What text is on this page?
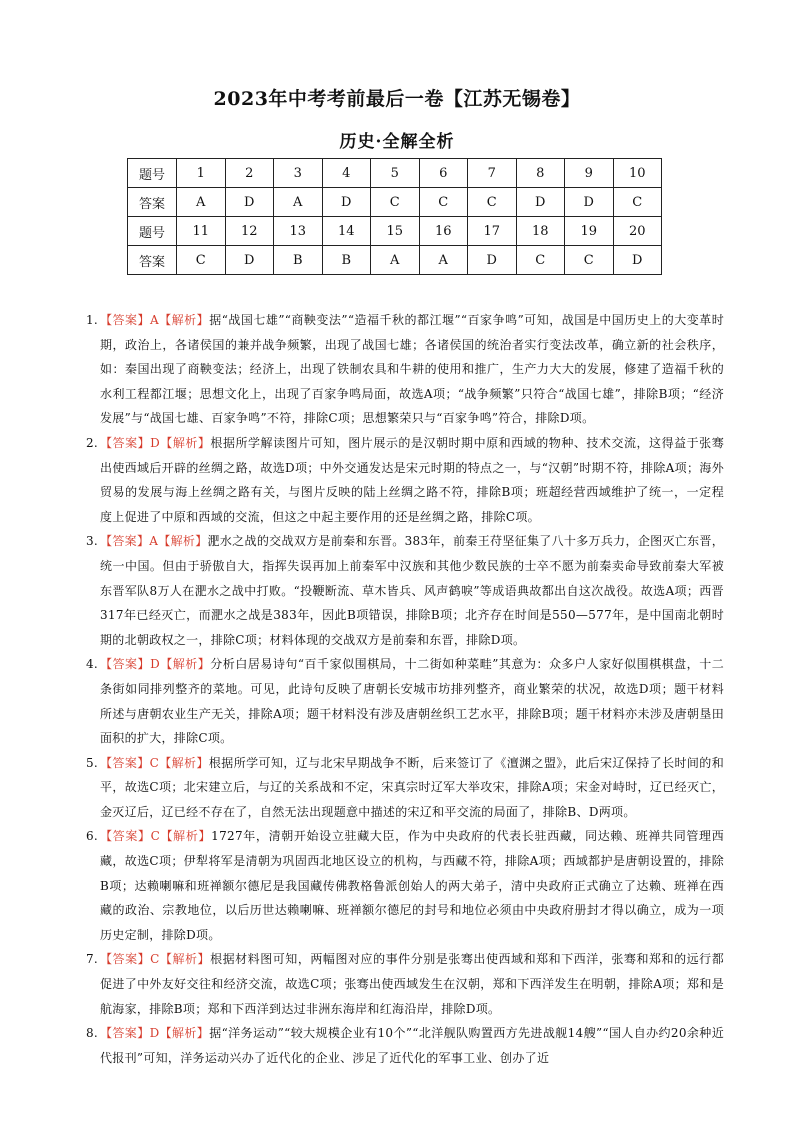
2023年中考考前最后一卷【江苏无锡卷】
历史·全解全析
题号	1	2	3	4	5	6	7	8	9	10
答案	A	D	A	D	C	C	C	D	D	C
题号	11	12	13	14	15	16	17	18	19	20
答案	C	D	B	B	A	A	D	C	C	D

1. 【答案】A【解析】据“战国七雄”“商鞅变法”“造福千秋的都江堰”“百家争鸣”可知，战国是中国历史上的大变革时期，政治上，各诸侯国的兼并战争频繁，出现了战国七雄；各诸侯国的统治者实行变法改革，确立新的社会秩序，如：秦国出现了商鞅变法；经济上，出现了铁制农具和牛耕的使用和推广，生产力大大的发展，修建了造福千秋的水利工程都江堰；思想文化上，出现了百家争鸣局面，故选A项；“战争频繁”只符合“战国七雄”，排除B项；“经济发展”与“战国七雄、百家争鸣”不符，排除C项；思想繁荣只与“百家争鸣”符合，排除D项。

2. 【答案】D【解析】根据所学解读图片可知，图片展示的是汉朝时期中原和西域的物种、技术交流，这得益于张骞出使西域后开辟的丝绸之路，故选D项；中外交通发达是宋元时期的特点之一，与“汉朝”时期不符，排除A项；海外贸易的发展与海上丝绸之路有关，与图片反映的陆上丝绸之路不符，排除B项；班超经营西域维护了统一，一定程度上促进了中原和西域的交流，但这之中起主要作用的还是丝绸之路，排除C项。

3. 【答案】A【解析】淝水之战的交战双方是前秦和东晋。383年，前秦王苻坚征集了八十多万兵力，企图灭亡东晋，统一中国。但由于骄傲自大，指挥失误再加上前秦军中汉族和其他少数民族的士卒不愿为前秦卖命导致前秦大军被东晋军队8万人在淝水之战中打败。“投鞭断流、草木皆兵、风声鹤唳”等成语典故都出自这次战役。故选A项；西晋317年已经灭亡，而淝水之战是383年，因此B项错误，排除B项；北齐存在时间是550—577年，是中国南北朝时期的北朝政权之一，排除C项；材料体现的交战双方是前秦和东晋，排除D项。

4. 【答案】D【解析】分析白居易诗句“百千家似围棋局，十二街如种菜畦”其意为：众多户人家好似围棋棋盘，十二条街如同排列整齐的菜地。可见，此诗句反映了唐朝长安城市坊排列整齐，商业繁荣的状况，故选D项；题干材料所述与唐朝农业生产无关，排除A项；题干材料没有涉及唐朝丝织工艺水平，排除B项；题干材料亦未涉及唐朝垦田面积的扩大，排除C项。

5. 【答案】C【解析】根据所学可知，辽与北宋早期战争不断，后来签订了《澶渊之盟》，此后宋辽保持了长时间的和平，故选C项；北宋建立后，与辽的关系战和不定，宋真宗时辽军大举攻宋，排除A项；宋金对峙时，辽已经灭亡，金灭辽后，辽已经不存在了，自然无法出现题意中描述的宋辽和平交流的局面了，排除B、D两项。

6. 【答案】C【解析】1727年，清朝开始设立驻藏大臣，作为中央政府的代表长驻西藏，同达赖、班禅共同管理西藏，故选C项；伊犁将军是清朝为巩固西北地区设立的机构，与西藏不符，排除A项；西域都护是唐朝设置的，排除B项；达赖喇嘛和班禅额尔德尼是我国藏传佛教格鲁派创始人的两大弟子，清中央政府正式确立了达赖、班禅在西藏的政治、宗教地位，以后历世达赖喇嘛、班禅额尔德尼的封号和地位必须由中央政府册封才得以确立，成为一项历史定制，排除D项。

7. 【答案】C【解析】根据材料图可知，两幅图对应的事件分别是张骞出使西域和郑和下西洋，张骞和郑和的远行都促进了中外友好交往和经济交流，故选C项；张骞出使西域发生在汉朝，郑和下西洋发生在明朝，排除A项；郑和是航海家，排除B项；郑和下西洋到达过非洲东海岸和红海沿岸，排除D项。

8. 【答案】D【解析】据“洋务运动”“较大规模企业有10个”“北洋舰队购置西方先进战舰14艘”“国人自办约20余种近代报刊”可知，洋务运动兴办了近代化的企业、涉足了近代化的军事工业、创办了近
